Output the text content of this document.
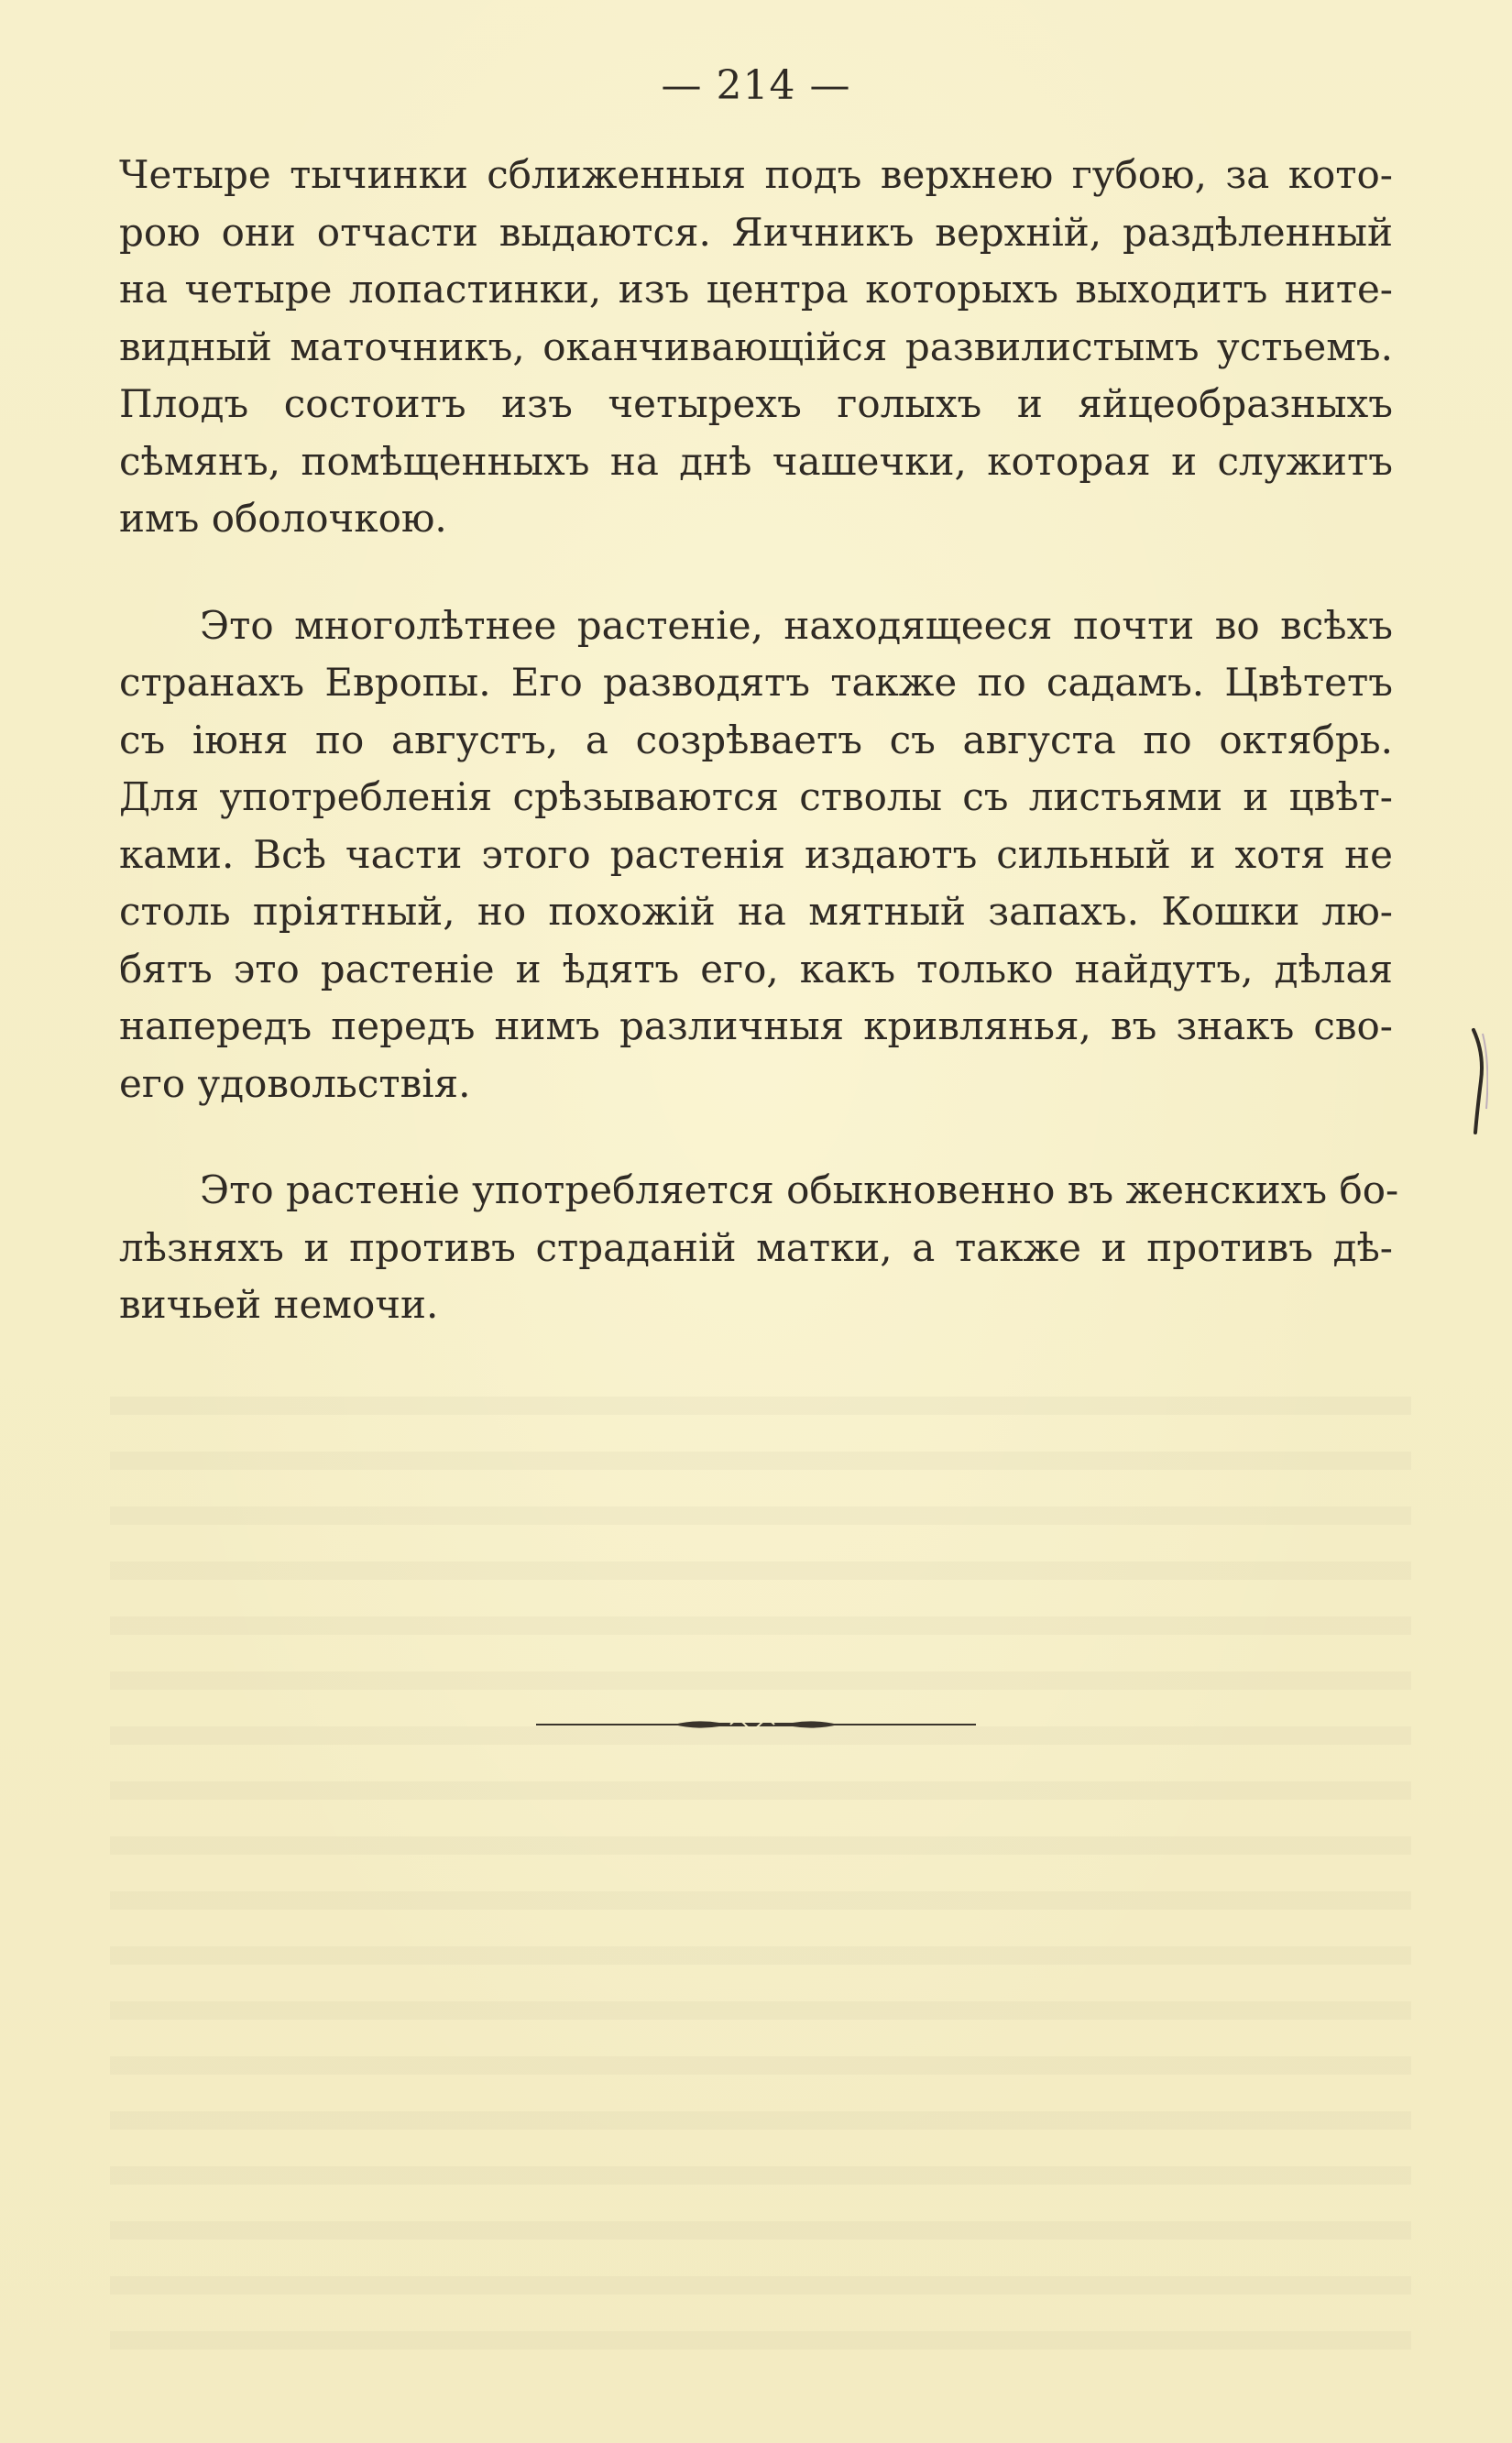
— 214 —

Четыре тычинки сближенныя подъ верхнею губою, за кото-

рою они отчасти выдаются. Яичникъ верхній, раздѣленный

на четыре лопастинки, изъ центра которыхъ выходитъ ните-

видный маточникъ, оканчивающійся развилистымъ устьемъ.

Плодъ состоитъ изъ четырехъ голыхъ и яйцеобразныхъ

сѣмянъ, помѣщенныхъ на днѣ чашечки, которая и служитъ

имъ оболочкою.

Это многолѣтнее растеніе, находящееся почти во всѣхъ

странахъ Европы. Его разводятъ также по садамъ. Цвѣтетъ

съ іюня по августъ, а созрѣваетъ съ августа по октябрь.

Для употребленія срѣзываются стволы съ листьями и цвѣт-

ками. Всѣ части этого растенія издаютъ сильный и хотя не

столь пріятный, но похожій на мятный запахъ. Кошки лю-

бятъ это растеніе и ѣдятъ его, какъ только найдутъ, дѣлая

напередъ передъ нимъ различныя кривлянья, въ знакъ сво-

его удовольствія.

Это растеніе употребляется обыкновенно въ женскихъ бо-

лѣзняхъ и противъ страданій матки, а также и противъ дѣ-

вичьей немочи.
